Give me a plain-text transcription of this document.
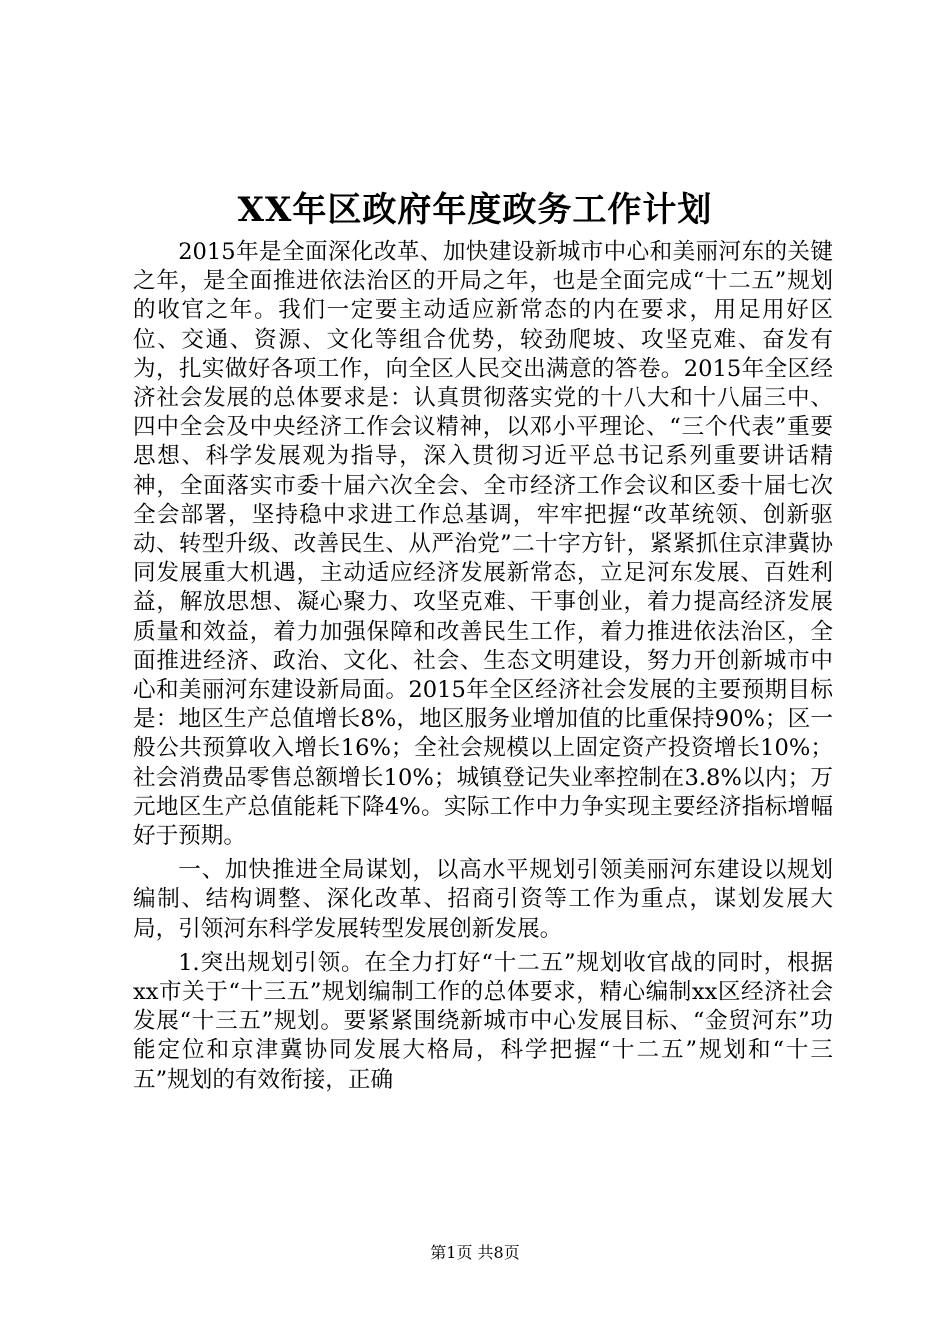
XX年区政府年度政务工作计划

2015年是全面深化改革、加快建设新城市中心和美丽河东的关键之年，是全面推进依法治区的开局之年，也是全面完成“十二五”规划的收官之年。我们一定要主动适应新常态的内在要求，用足用好区位、交通、资源、文化等组合优势，较劲爬坡、攻坚克难、奋发有为，扎实做好各项工作，向全区人民交出满意的答卷。2015年全区经济社会发展的总体要求是：认真贯彻落实党的十八大和十八届三中、四中全会及中央经济工作会议精神，以邓小平理论、“三个代表”重要思想、科学发展观为指导，深入贯彻习近平总书记系列重要讲话精神，全面落实市委十届六次全会、全市经济工作会议和区委十届七次全会部署，坚持稳中求进工作总基调，牢牢把握“改革统领、创新驱动、转型升级、改善民生、从严治党”二十字方针，紧紧抓住京津冀协同发展重大机遇，主动适应经济发展新常态，立足河东发展、百姓利益，解放思想、凝心聚力、攻坚克难、干事创业，着力提高经济发展质量和效益，着力加强保障和改善民生工作，着力推进依法治区，全面推进经济、政治、文化、社会、生态文明建设，努力开创新城市中心和美丽河东建设新局面。2015年全区经济社会发展的主要预期目标是：地区生产总值增长8%，地区服务业增加值的比重保持90%；区一般公共预算收入增长16%；全社会规模以上固定资产投资增长10%；社会消费品零售总额增长10%；城镇登记失业率控制在3.8%以内；万元地区生产总值能耗下降4%。实际工作中力争实现主要经济指标增幅好于预期。

一、加快推进全局谋划，以高水平规划引领美丽河东建设以规划编制、结构调整、深化改革、招商引资等工作为重点，谋划发展大局，引领河东科学发展转型发展创新发展。

1.突出规划引领。在全力打好“十二五”规划收官战的同时，根据xx市关于“十三五”规划编制工作的总体要求，精心编制xx区经济社会发展“十三五”规划。要紧紧围绕新城市中心发展目标、“金贸河东”功能定位和京津冀协同发展大格局，科学把握“十二五”规划和“十三五”规划的有效衔接，正确

第1页 共8页
